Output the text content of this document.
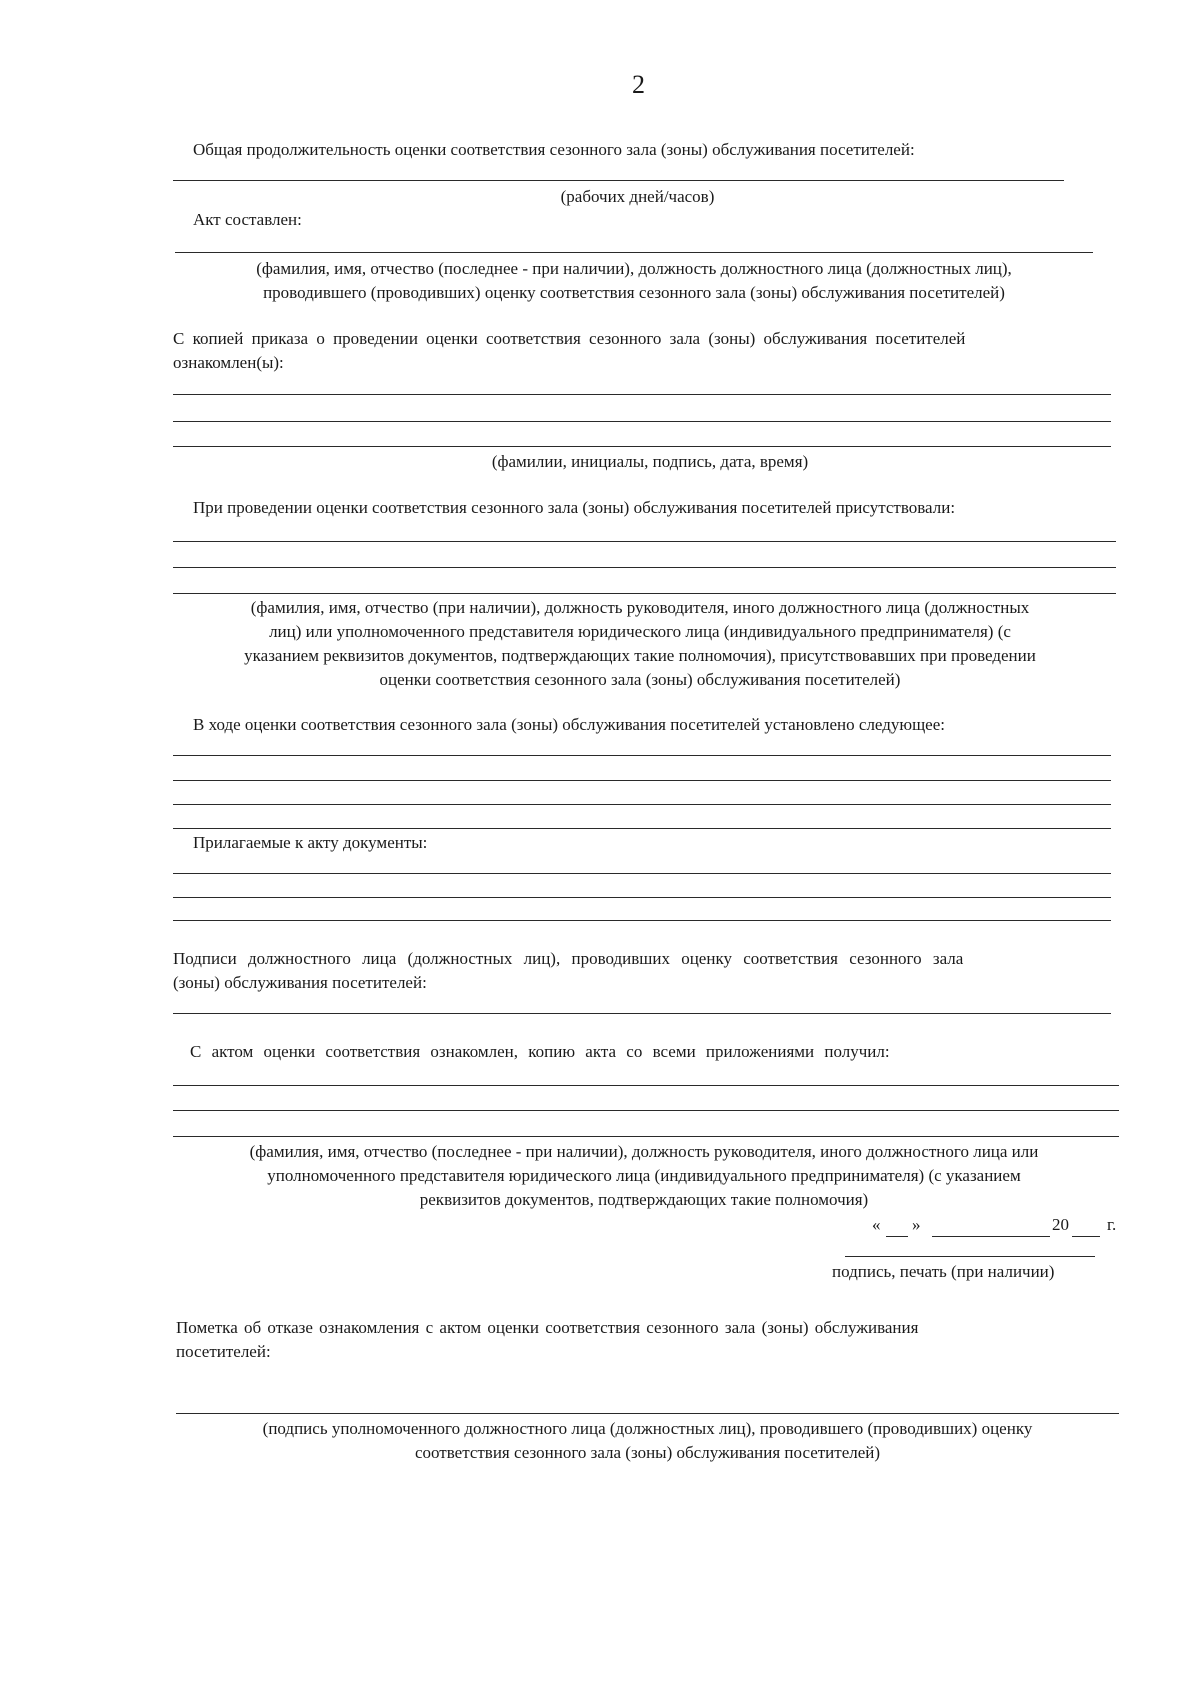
2
Общая продолжительность оценки соответствия сезонного зала (зоны) обслуживания посетителей:
(рабочих дней/часов)
Акт составлен:
(фамилия, имя, отчество (последнее - при наличии), должность должностного лица (должностных лиц),
проводившего (проводивших) оценку соответствия сезонного зала (зоны) обслуживания посетителей)
С копией приказа о проведении оценки соответствия сезонного зала (зоны) обслуживания посетителей
ознакомлен(ы):
(фамилии, инициалы, подпись, дата, время)
При проведении оценки соответствия сезонного зала (зоны) обслуживания посетителей присутствовали:
(фамилия, имя, отчество (при наличии), должность руководителя, иного должностного лица (должностных
лиц) или уполномоченного представителя юридического лица (индивидуального предпринимателя) (с
указанием реквизитов документов, подтверждающих такие полномочия), присутствовавших при проведении
оценки соответствия сезонного зала (зоны) обслуживания посетителей)
В ходе оценки соответствия сезонного зала (зоны) обслуживания посетителей установлено следующее:
Прилагаемые к акту документы:
Подписи должностного лица (должностных лиц), проводивших оценку соответствия сезонного зала
(зоны) обслуживания посетителей:
С актом оценки соответствия ознакомлен, копию акта со всеми приложениями получил:
(фамилия, имя, отчество (последнее - при наличии), должность руководителя, иного должностного лица или
уполномоченного представителя юридического лица (индивидуального предпринимателя) (с указанием
реквизитов документов, подтверждающих такие полномочия)
« »	20 г.
подпись, печать (при наличии)
Пометка об отказе ознакомления с актом оценки соответствия сезонного зала (зоны) обслуживания
посетителей:
(подпись уполномоченного должностного лица (должностных лиц), проводившего (проводивших) оценку
соответствия сезонного зала (зоны) обслуживания посетителей)
